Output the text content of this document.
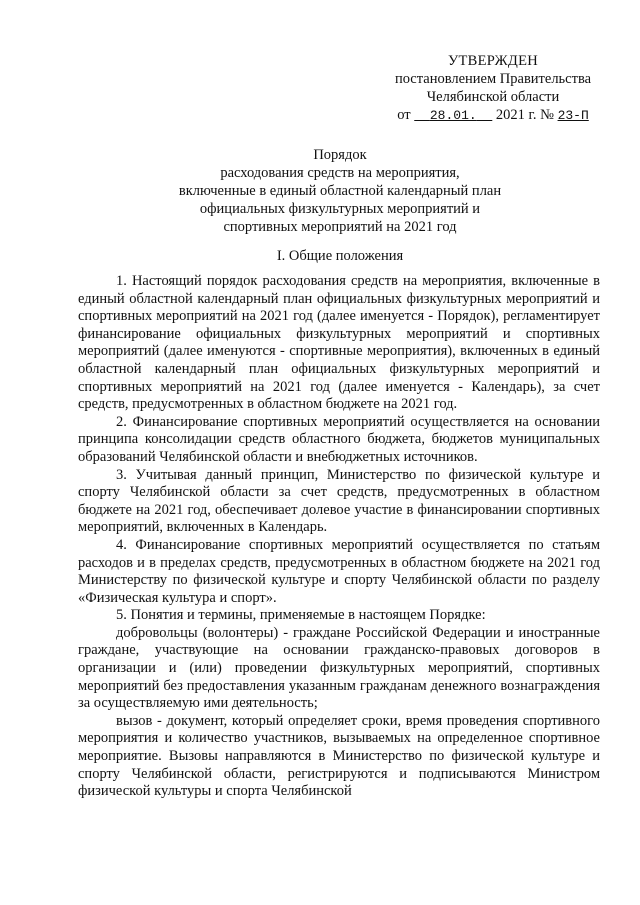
УТВЕРЖДЕН
постановлением Правительства
Челябинской области
от 28.01. 2021 г. № 23-П
Порядок
расходования средств на мероприятия,
включенные в единый областной календарный план
официальных физкультурных мероприятий и
спортивных мероприятий на 2021 год
I. Общие положения

1. Настоящий порядок расходования средств на мероприятия, включенные в единый областной календарный план официальных физкультурных мероприятий и спортивных мероприятий на 2021 год (далее именуется - Порядок), регламентирует финансирование официальных физкультурных мероприятий и спортивных мероприятий (далее именуются - спортивные мероприятия), включенных в единый областной календарный план официальных физкультурных мероприятий и спортивных мероприятий на 2021 год (далее именуется - Календарь), за счет средств, предусмотренных в областном бюджете на 2021 год.

2. Финансирование спортивных мероприятий осуществляется на основании принципа консолидации средств областного бюджета, бюджетов муниципальных образований Челябинской области и внебюджетных источников.

3. Учитывая данный принцип, Министерство по физической культуре и спорту Челябинской области за счет средств, предусмотренных в областном бюджете на 2021 год, обеспечивает долевое участие в финансировании спортивных мероприятий, включенных в Календарь.

4. Финансирование спортивных мероприятий осуществляется по статьям расходов и в пределах средств, предусмотренных в областном бюджете на 2021 год Министерству по физической культуре и спорту Челябинской области по разделу «Физическая культура и спорт».

5. Понятия и термины, применяемые в настоящем Порядке:

добровольцы (волонтеры) - граждане Российской Федерации и иностранные граждане, участвующие на основании гражданско-правовых договоров в организации и (или) проведении физкультурных мероприятий, спортивных мероприятий без предоставления указанным гражданам денежного вознаграждения за осуществляемую ими деятельность;

вызов - документ, который определяет сроки, время проведения спортивного мероприятия и количество участников, вызываемых на определенное спортивное мероприятие. Вызовы направляются в Министерство по физической культуре и спорту Челябинской области, регистрируются и подписываются Министром физической культуры и спорта Челябинской
